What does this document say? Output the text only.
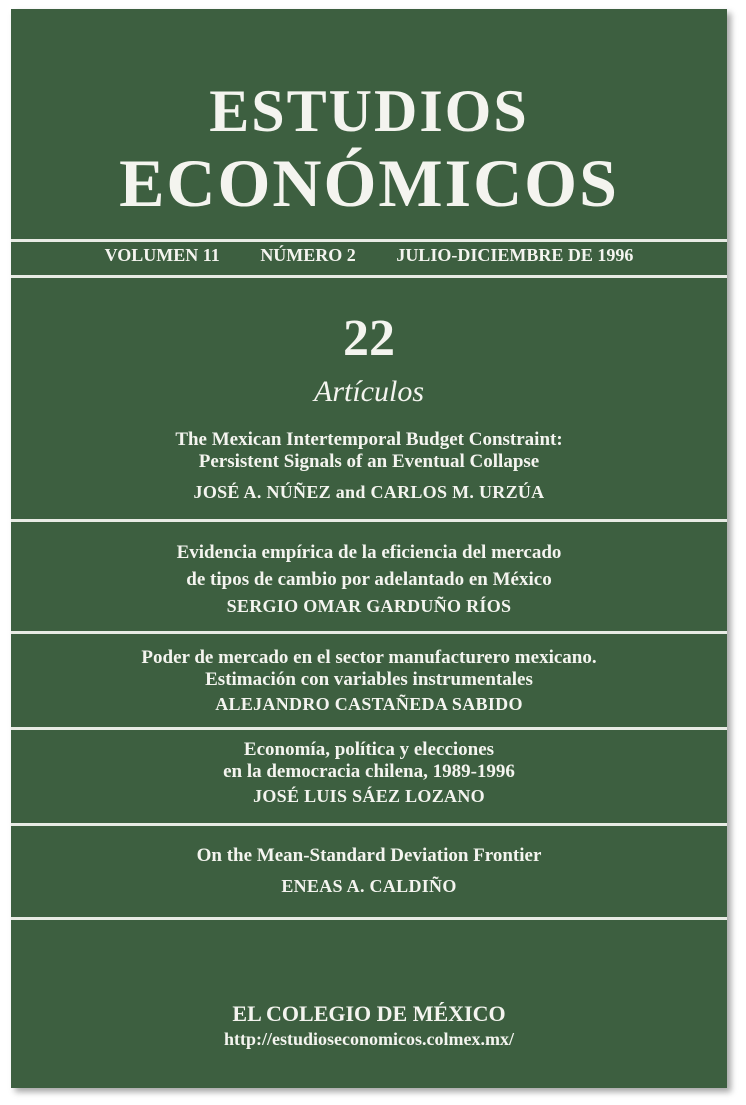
ESTUDIOS
ECONÓMICOS
VOLUMEN 11 NÚMERO 2 JULIO-DICIEMBRE DE 1996
22
Artículos
The Mexican Intertemporal Budget Constraint:
Persistent Signals of an Eventual Collapse
JOSÉ A. NÚÑEZ and CARLOS M. URZÚA
Evidencia empírica de la eficiencia del mercado
de tipos de cambio por adelantado en México
SERGIO OMAR GARDUÑO RÍOS
Poder de mercado en el sector manufacturero mexicano.
Estimación con variables instrumentales
ALEJANDRO CASTAÑEDA SABIDO
Economía, política y elecciones
en la democracia chilena, 1989-1996
JOSÉ LUIS SÁEZ LOZANO
On the Mean-Standard Deviation Frontier
ENEAS A. CALDIÑO
EL COLEGIO DE MÉXICO
http://estudioseconomicos.colmex.mx/
